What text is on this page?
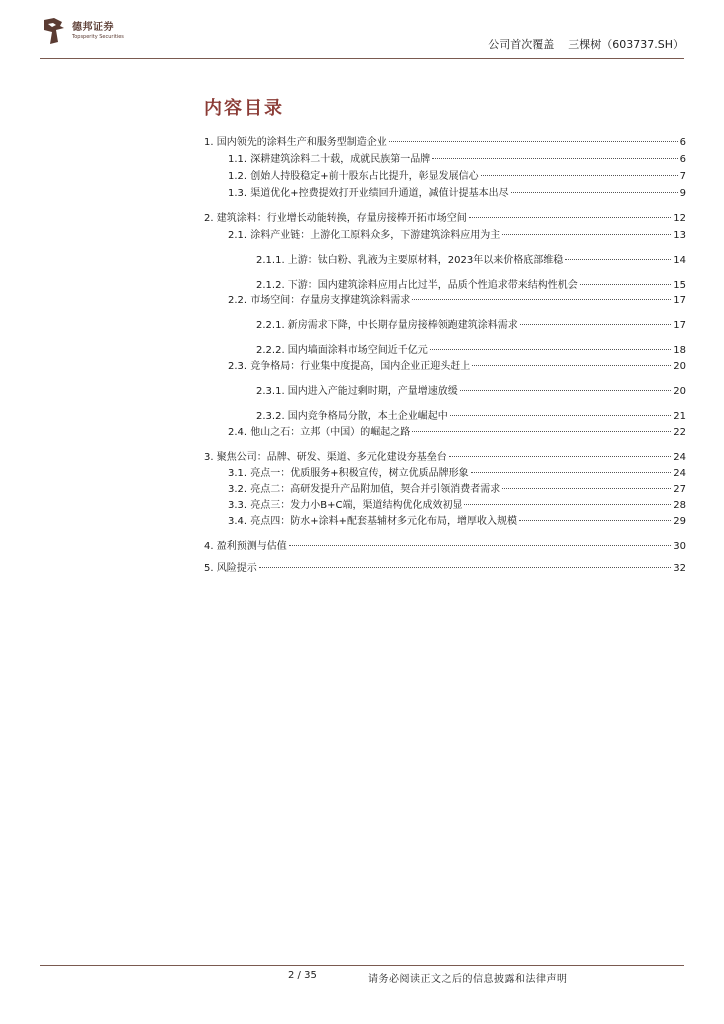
德邦证券
Topsperity Securities
公司首次覆盖 三棵树（603737.SH）
内容目录
1. 国内领先的涂料生产和服务型制造企业	6
1.1. 深耕建筑涂料二十载，成就民族第一品牌	6
1.2. 创始人持股稳定+前十股东占比提升，彰显发展信心	7
1.3. 渠道优化+控费提效打开业绩回升通道，减值计提基本出尽	9
2. 建筑涂料：行业增长动能转换，存量房接棒开拓市场空间	12
2.1. 涂料产业链：上游化工原料众多，下游建筑涂料应用为主	13
2.1.1. 上游：钛白粉、乳液为主要原材料，2023年以来价格底部维稳	14
2.1.2. 下游：国内建筑涂料应用占比过半，品质个性追求带来结构性机会	15
2.2. 市场空间：存量房支撑建筑涂料需求	17
2.2.1. 新房需求下降，中长期存量房接棒领跑建筑涂料需求	17
2.2.2. 国内墙面涂料市场空间近千亿元	18
2.3. 竞争格局：行业集中度提高，国内企业正迎头赶上	20
2.3.1. 国内进入产能过剩时期，产量增速放缓	20
2.3.2. 国内竞争格局分散，本土企业崛起中	21
2.4. 他山之石：立邦（中国）的崛起之路	22
3. 聚焦公司：品牌、研发、渠道、多元化建设夯基垒台	24
3.1. 亮点一：优质服务+积极宣传，树立优质品牌形象	24
3.2. 亮点二：高研发提升产品附加值，契合并引领消费者需求	27
3.3. 亮点三：发力小B+C端，渠道结构优化成效初显	28
3.4. 亮点四：防水+涂料+配套基辅材多元化布局，增厚收入规模	29
4. 盈利预测与估值	30
5. 风险提示	32
2 / 35	请务必阅读正文之后的信息披露和法律声明
